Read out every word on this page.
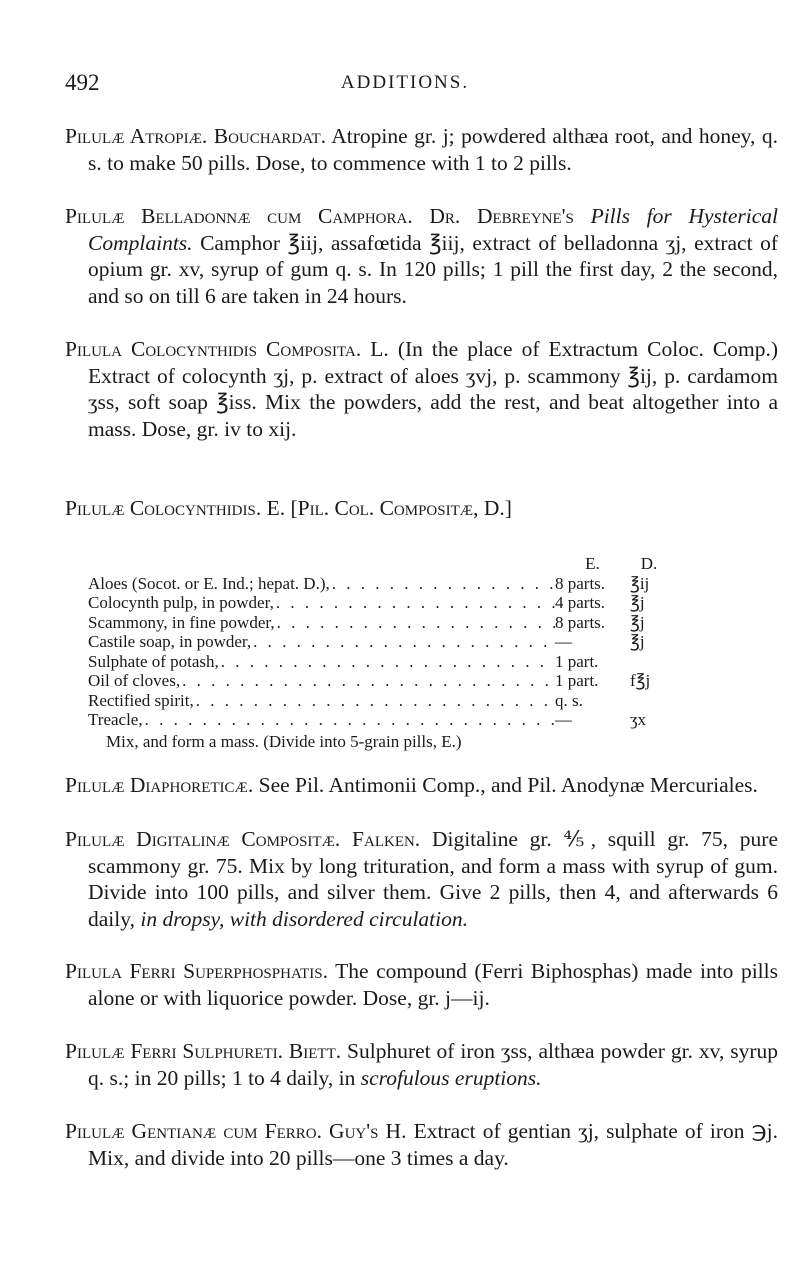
492	ADDITIONS.
Pilulæ Atropiæ. Bouchardat. Atropine gr. j; powdered althæa root, and honey, q. s. to make 50 pills. Dose, to commence with 1 to 2 pills.
Pilulæ Belladonnæ cum Camphora. Dr. Debreyne's Pills for Hysterical Complaints. Camphor ℥iij, assafœtida ℥iij, extract of belladonna ʒj, extract of opium gr. xv, syrup of gum q. s. In 120 pills; 1 pill the first day, 2 the second, and so on till 6 are taken in 24 hours.
Pilula Colocynthidis Composita. L. (In the place of Extractum Coloc. Comp.) Extract of colocynth ʒj, p. extract of aloes ʒvj, p. scammony ℥ij, p. cardamom ʒss, soft soap ℥iss. Mix the powders, add the rest, and beat altogether into a mass. Dose, gr. iv to xij.
Pilulæ Colocynthidis. E. [Pil. Col. Compositæ, D.]
E.	D.
Aloes (Socot. or E. Ind.; hepat. D.), . . .	8 parts.	℥ij
Colocynth pulp, in powder, . . .	4 parts.	℥j
Scammony, in fine powder, . . .	8 parts.	℥j
Castile soap, in powder, . . .	—	℥j
Sulphate of potash, . . .	1 part.
Oil of cloves, . . .	1 part.	f℥j
Rectified spirit, . . .	q. s.
Treacle, . . .	—	ʒx
Mix, and form a mass. (Divide into 5-grain pills, E.)
Pilulæ Diaphoreticæ. See Pil. Antimonii Comp., and Pil. Anodynæ Mercuriales.
Pilulæ Digitalinæ Compositæ. Falken. Digitaline gr. ⅘, squill gr. 75, pure scammony gr. 75. Mix by long trituration, and form a mass with syrup of gum. Divide into 100 pills, and silver them. Give 2 pills, then 4, and afterwards 6 daily, in dropsy, with disordered circulation.
Pilula Ferri Superphosphatis. The compound (Ferri Biphosphas) made into pills alone or with liquorice powder. Dose, gr. j—ij.
Pilulæ Ferri Sulphureti. Biett. Sulphuret of iron ʒss, althæa powder gr. xv, syrup q. s.; in 20 pills; 1 to 4 daily, in scrofulous eruptions.
Pilulæ Gentianæ cum Ferro. Guy's H. Extract of gentian ʒj, sulphate of iron ℈j. Mix, and divide into 20 pills—one 3 times a day.
